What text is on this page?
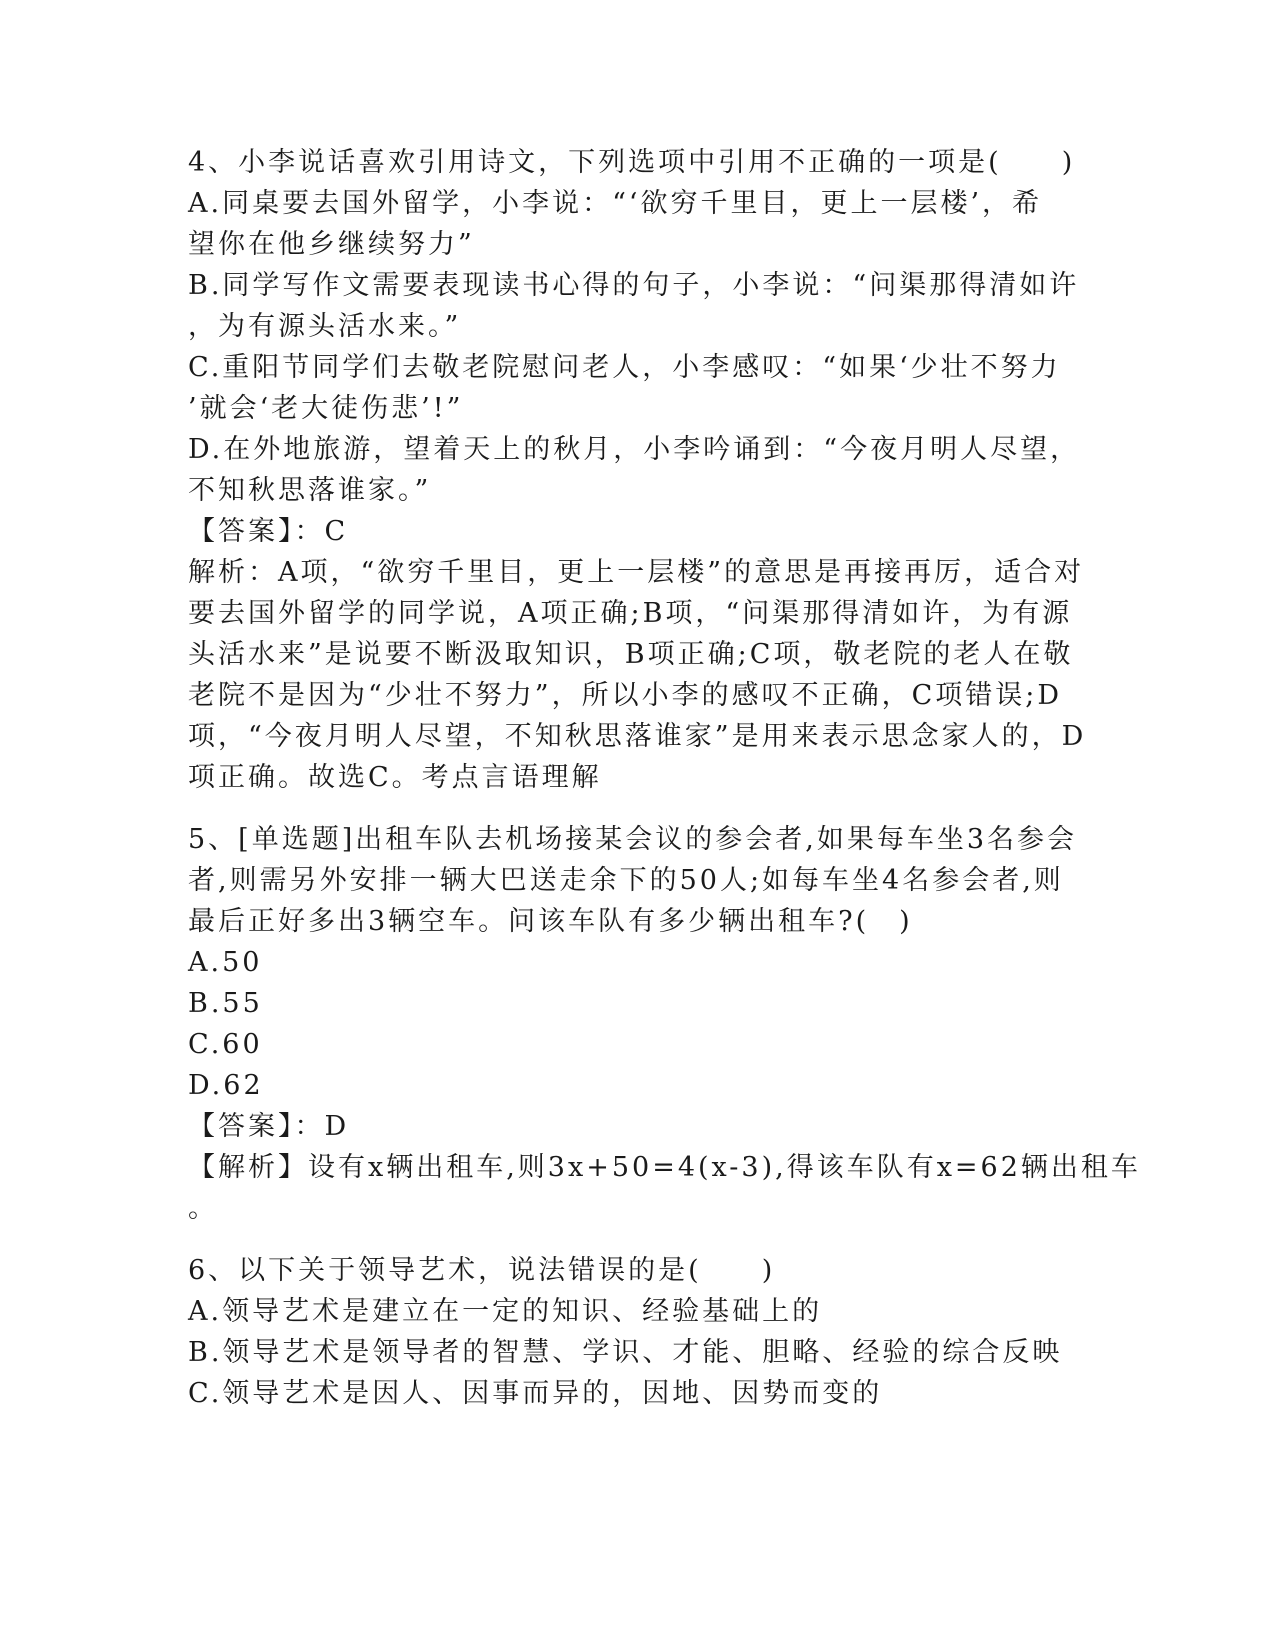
4、小李说话喜欢引用诗文，下列选项中引用不正确的一项是(　　)
A.同桌要去国外留学，小李说：“‘欲穷千里目，更上一层楼’，希
望你在他乡继续努力”
B.同学写作文需要表现读书心得的句子，小李说：“问渠那得清如许
，为有源头活水来。”
C.重阳节同学们去敬老院慰问老人，小李感叹：“如果‘少壮不努力
’就会‘老大徒伤悲’!”
D.在外地旅游，望着天上的秋月，小李吟诵到：“今夜月明人尽望，
不知秋思落谁家。”
【答案】：C
解析：A项，“欲穷千里目，更上一层楼”的意思是再接再厉，适合对
要去国外留学的同学说，A项正确;B项，“问渠那得清如许，为有源
头活水来”是说要不断汲取知识，B项正确;C项，敬老院的老人在敬
老院不是因为“少壮不努力”，所以小李的感叹不正确，C项错误;D
项，“今夜月明人尽望，不知秋思落谁家”是用来表示思念家人的，D
项正确。故选C。考点言语理解
5、[单选题]出租车队去机场接某会议的参会者,如果每车坐3名参会
者,则需另外安排一辆大巴送走余下的50人;如每车坐4名参会者,则
最后正好多出3辆空车。问该车队有多少辆出租车?(　)
A.50
B.55
C.60
D.62
【答案】：D
【解析】设有x辆出租车,则3x+50=4(x-3),得该车队有x=62辆出租车
。
6、以下关于领导艺术，说法错误的是(　　)
A.领导艺术是建立在一定的知识、经验基础上的
B.领导艺术是领导者的智慧、学识、才能、胆略、经验的综合反映
C.领导艺术是因人、因事而异的，因地、因势而变的
